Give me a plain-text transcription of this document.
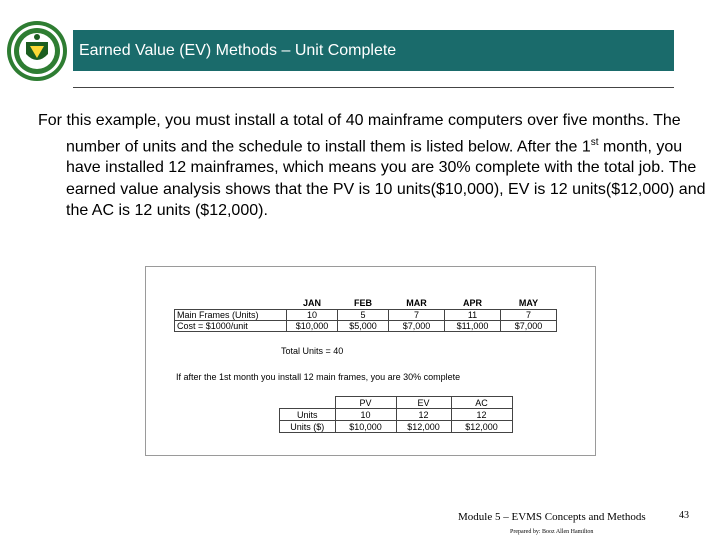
Earned Value (EV) Methods – Unit Complete

For this example, you must install a total of 40 mainframe computers over five months. The number of units and the schedule to install them is listed below. After the 1st month, you have installed 12 mainframes, which means you are 30% complete with the total job. The earned value analysis shows that the PV is 10 units($10,000), EV is 12 units($12,000) and the AC is 12 units ($12,000).

	JAN	FEB	MAR	APR	MAY
Main Frames (Units)	10	5	7	11	7
Cost = $1000/unit	$10,000	$5,000	$7,000	$11,000	$7,000
Total Units = 40
If after the 1st month you install 12 main frames, you are 30% complete
	PV	EV	AC
Units	10	12	12
Units ($)	$10,000	$12,000	$12,000
Module 5 – EVMS Concepts and Methods
Prepared by: Booz Allen Hamilton
43
